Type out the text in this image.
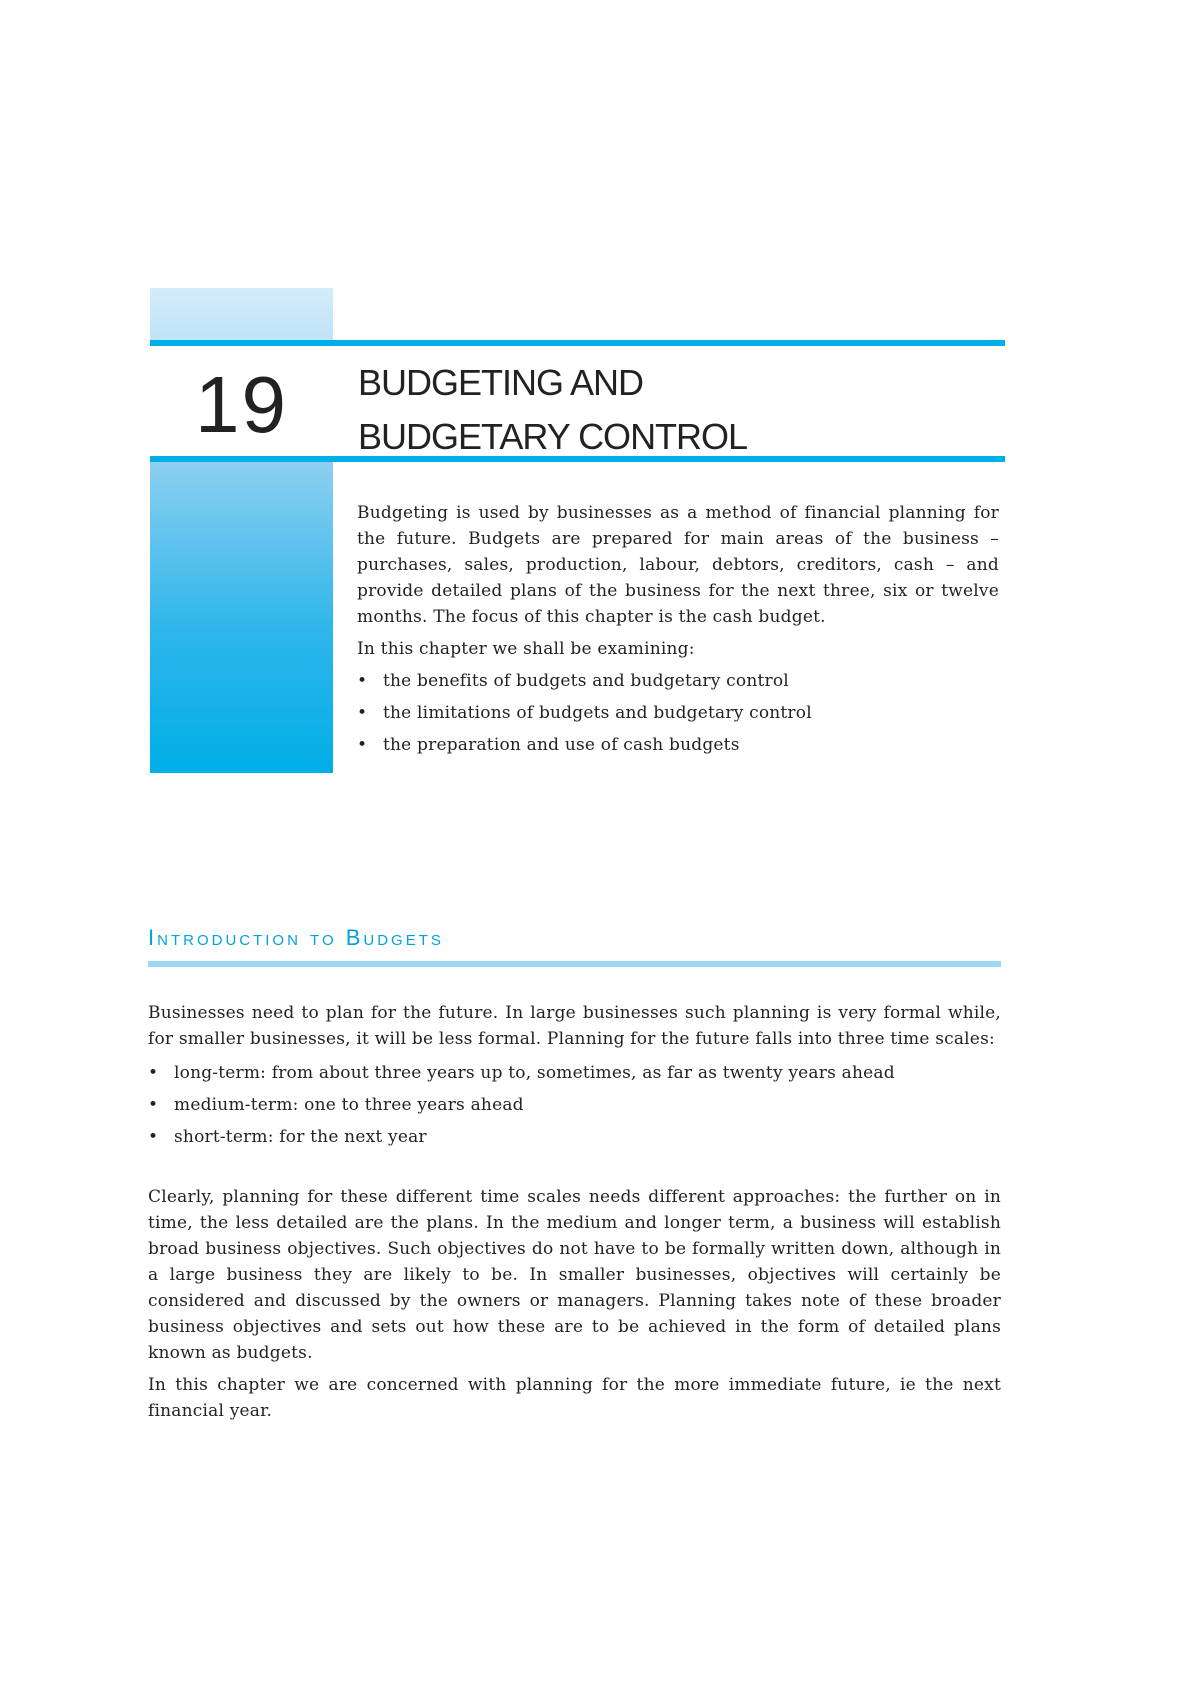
19	BUDGETING AND
BUDGETARY CONTROL

Budgeting is used by businesses as a method of financial planning for the future. Budgets are prepared for main areas of the business – purchases, sales, production, labour, debtors, creditors, cash – and provide detailed plans of the business for the next three, six or twelve months. The focus of this chapter is the cash budget.

In this chapter we shall be examining:

• the benefits of budgets and budgetary control
• the limitations of budgets and budgetary control
• the preparation and use of cash budgets
Introduction to Budgets

Businesses need to plan for the future. In large businesses such planning is very formal while, for smaller businesses, it will be less formal. Planning for the future falls into three time scales:

• long-term: from about three years up to, sometimes, as far as twenty years ahead
• medium-term: one to three years ahead
• short-term: for the next year

Clearly, planning for these different time scales needs different approaches: the further on in time, the less detailed are the plans. In the medium and longer term, a business will establish broad business objectives. Such objectives do not have to be formally written down, although in a large business they are likely to be. In smaller businesses, objectives will certainly be considered and discussed by the owners or managers. Planning takes note of these broader business objectives and sets out how these are to be achieved in the form of detailed plans known as budgets.

In this chapter we are concerned with planning for the more immediate future, ie the next financial year.
